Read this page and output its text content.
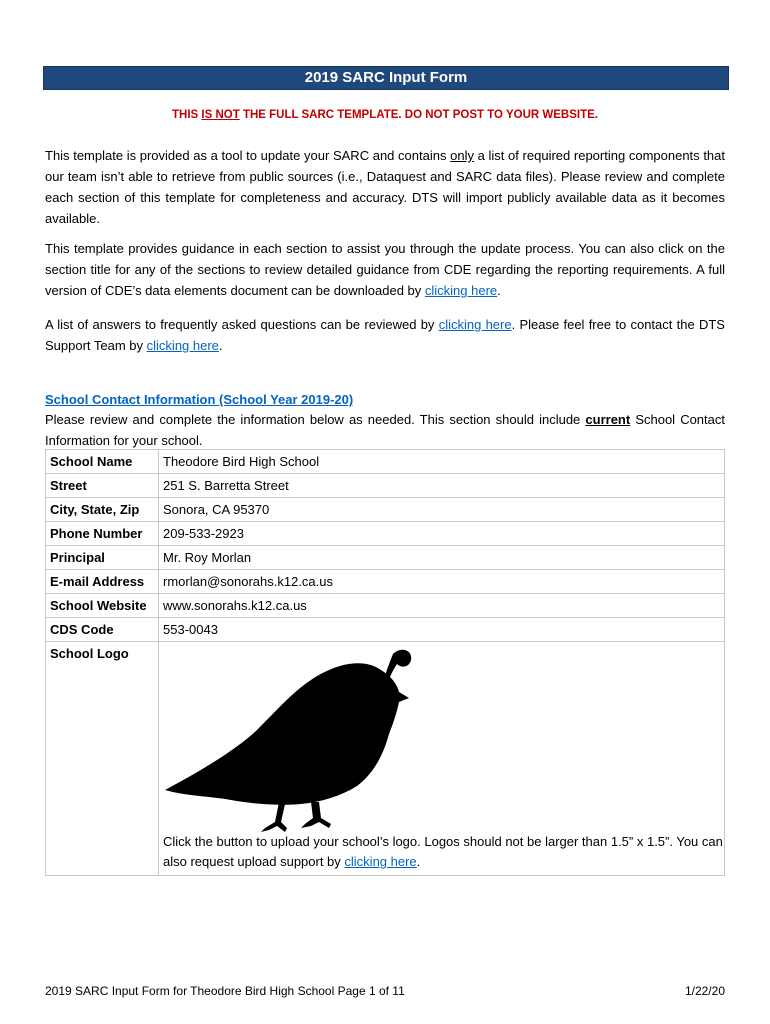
2019 SARC Input Form
THIS IS NOT THE FULL SARC TEMPLATE. DO NOT POST TO YOUR WEBSITE.
This template is provided as a tool to update your SARC and contains only a list of required reporting components that our team isn’t able to retrieve from public sources (i.e., Dataquest and SARC data files). Please review and complete each section of this template for completeness and accuracy. DTS will import publicly available data as it becomes available.
This template provides guidance in each section to assist you through the update process. You can also click on the section title for any of the sections to review detailed guidance from CDE regarding the reporting requirements. A full version of CDE’s data elements document can be downloaded by clicking here.
A list of answers to frequently asked questions can be reviewed by clicking here. Please feel free to contact the DTS Support Team by clicking here.
School Contact Information (School Year 2019-20)
Please review and complete the information below as needed. This section should include current School Contact Information for your school.
School Name	Theodore Bird High School
Street	251 S. Barretta Street
City, State, Zip	Sonora, CA 95370
Phone Number	209-533-2923
Principal	Mr. Roy Morlan
E-mail Address	rmorlan@sonorahs.k12.ca.us
School Website	www.sonorahs.k12.ca.us
CDS Code	553-0043
School Logo	Click the button to upload your school’s logo. Logos should not be larger than 1.5” x 1.5”. You can also request upload support by clicking here.
2019 SARC Input Form for Theodore Bird High School Page 1 of 11	1/22/20
